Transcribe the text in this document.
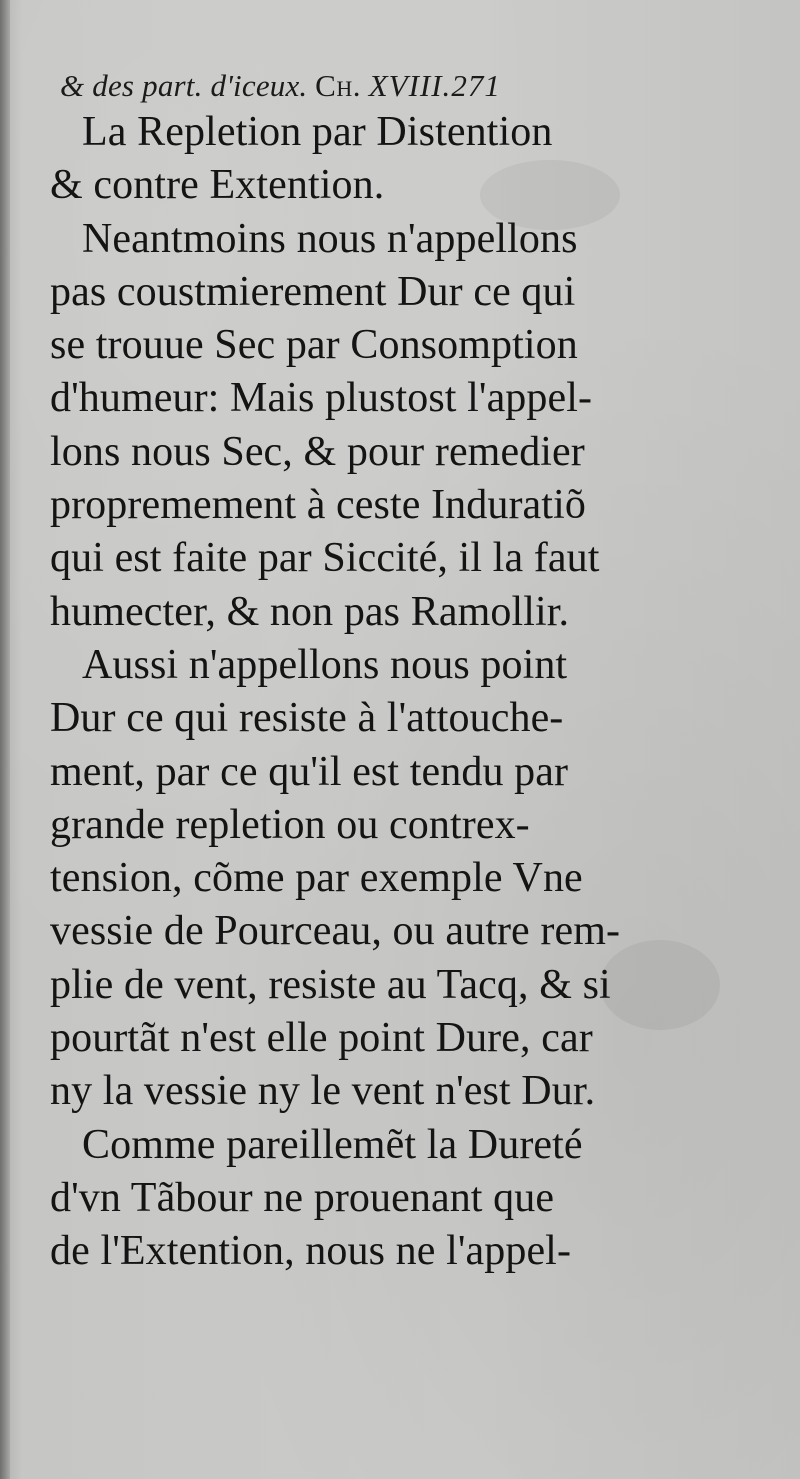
& des part. d'iceux. Ch. XVIII.271
La Repletion par Distention
& contre Extention.
Neantmoins nous n'appellons
pas coustmierement Dur ce qui
se trouue Sec par Consomption
d'humeur: Mais plustost l'appel-
lons nous Sec, & pour remedier
propremement à ceste Induratiõ
qui est faite par Siccité, il la faut
humecter, & non pas Ramollir.
Aussi n'appellons nous point
Dur ce qui resiste à l'attouche-
ment, par ce qu'il est tendu par
grande repletion ou contrex-
tension, cõme par exemple Vne
vessie de Pourceau, ou autre rem-
plie de vent, resiste au Tacq, & si
pourtãt n'est elle point Dure, car
ny la vessie ny le vent n'est Dur.
Comme pareillemẽt la Dureté
d'vn Tãbour ne prouenant que
de l'Extention, nous ne l'appel-
